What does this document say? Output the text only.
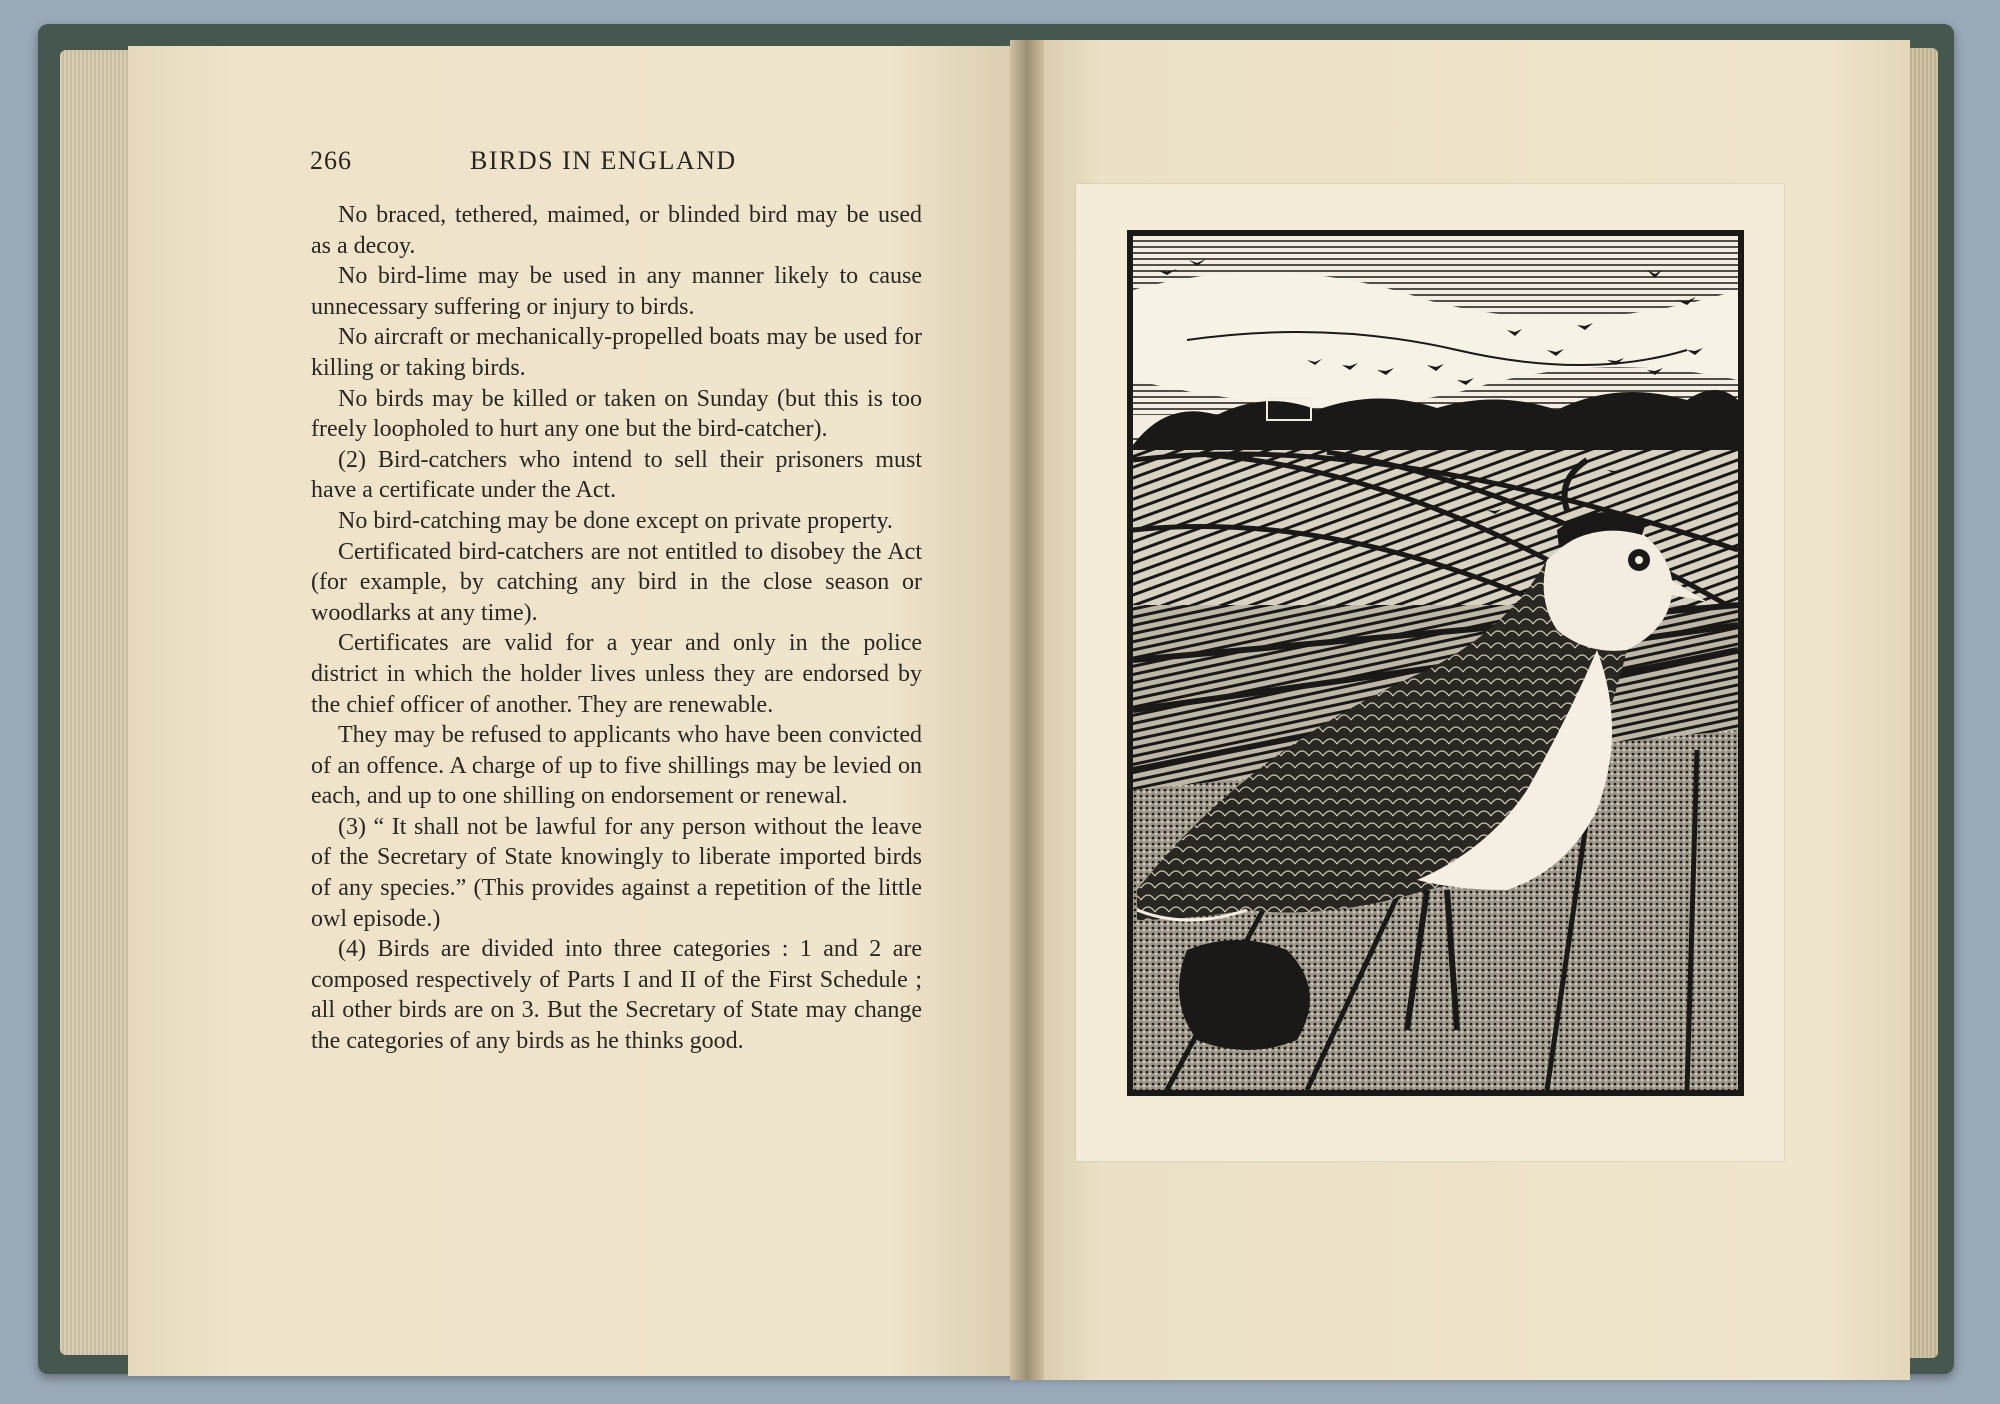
266	BIRDS IN ENGLAND

No braced, tethered, maimed, or blinded bird may be used as a decoy.

No bird-lime may be used in any manner likely to cause unnecessary suffering or injury to birds.

No aircraft or mechanically-propelled boats may be used for killing or taking birds.

No birds may be killed or taken on Sunday (but this is too freely loopholed to hurt any one but the bird-catcher).

(2) Bird-catchers who intend to sell their prisoners must have a certificate under the Act.

No bird-catching may be done except on private property.

Certificated bird-catchers are not entitled to disobey the Act (for example, by catching any bird in the close season or woodlarks at any time).

Certificates are valid for a year and only in the police district in which the holder lives unless they are endorsed by the chief officer of another. They are renewable.

They may be refused to applicants who have been convicted of an offence. A charge of up to five shillings may be levied on each, and up to one shilling on endorsement or renewal.

(3) “ It shall not be lawful for any person without the leave of the Secretary of State knowingly to liberate imported birds of any species.” (This provides against a repetition of the little owl episode.)

(4) Birds are divided into three categories : 1 and 2 are composed respectively of Parts I and II of the First Schedule ; all other birds are on 3. But the Secretary of State may change the categories of any birds as he thinks good.
